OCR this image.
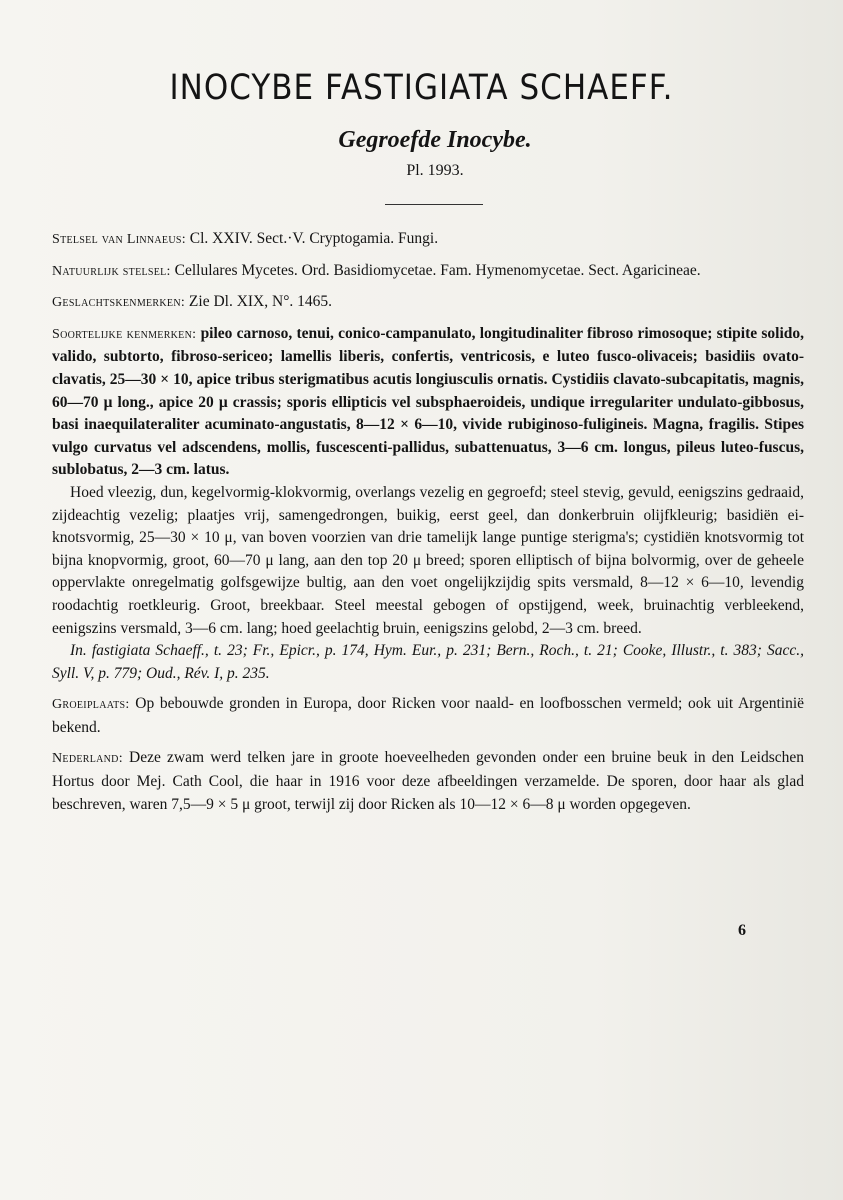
INOCYBE FASTIGIATA SCHAEFF.
Gegroefde Inocybe.
Pl. 1993.

Stelsel van Linnaeus: Cl. XXIV. Sect.·V. Cryptogamia. Fungi.

Natuurlijk stelsel: Cellulares Mycetes. Ord. Basidiomycetae. Fam. Hymenomycetae. Sect. Agaricineae.

Geslachtskenmerken: Zie Dl. XIX, N°. 1465.

Soortelijke kenmerken: pileo carnoso, tenui, conico-campanulato, longitudinaliter fibroso rimosoque; stipite solido, valido, subtorto, fibroso-sericeo; lamellis liberis, confertis, ventricosis, e luteo fusco-olivaceis; basidiis ovato-clavatis, 25—30 × 10, apice tribus sterigmatibus acutis longiusculis ornatis. Cystidiis clavato-subcapitatis, magnis, 60—70 μ long., apice 20 μ crassis; sporis ellipticis vel subsphaeroideis, undique irregulariter undulato-gibbosus, basi inaequilateraliter acuminato-angustatis, 8—12 × 6—10, vivide rubiginoso-fuligineis. Magna, fragilis. Stipes vulgo curvatus vel adscendens, mollis, fuscescenti-pallidus, subattenuatus, 3—6 cm. longus, pileus luteo-fuscus, sublobatus, 2—3 cm. latus.

Hoed vleezig, dun, kegelvormig-klokvormig, overlangs vezelig en gegroefd; steel stevig, gevuld, eenigszins gedraaid, zijdeachtig vezelig; plaatjes vrij, samengedrongen, buikig, eerst geel, dan donkerbruin olijfkleurig; basidiën ei-knotsvormig, 25—30 × 10 μ, van boven voorzien van drie tamelijk lange puntige sterigma's; cystidiën knotsvormig tot bijna knopvormig, groot, 60—70 μ lang, aan den top 20 μ breed; sporen elliptisch of bijna bolvormig, over de geheele oppervlakte onregelmatig golfsgewijze bultig, aan den voet ongelijkzijdig spits versmald, 8—12 × 6—10, levendig roodachtig roetkleurig. Groot, breekbaar. Steel meestal gebogen of opstijgend, week, bruinachtig verbleekend, eenigszins versmald, 3—6 cm. lang; hoed geelachtig bruin, eenigszins gelobd, 2—3 cm. breed.

In. fastigiata Schaeff., t. 23; Fr., Epicr., p. 174, Hym. Eur., p. 231; Bern., Roch., t. 21; Cooke, Illustr., t. 383; Sacc., Syll. V, p. 779; Oud., Rév. I, p. 235.

Groeiplaats: Op bebouwde gronden in Europa, door Ricken voor naald- en loofbosschen vermeld; ook uit Argentinië bekend.

Nederland: Deze zwam werd telken jare in groote hoeveelheden gevonden onder een bruine beuk in den Leidschen Hortus door Mej. Cath Cool, die haar in 1916 voor deze afbeeldingen verzamelde. De sporen, door haar als glad beschreven, waren 7,5—9 × 5 μ groot, terwijl zij door Ricken als 10—12 × 6—8 μ worden opgegeven.

6
